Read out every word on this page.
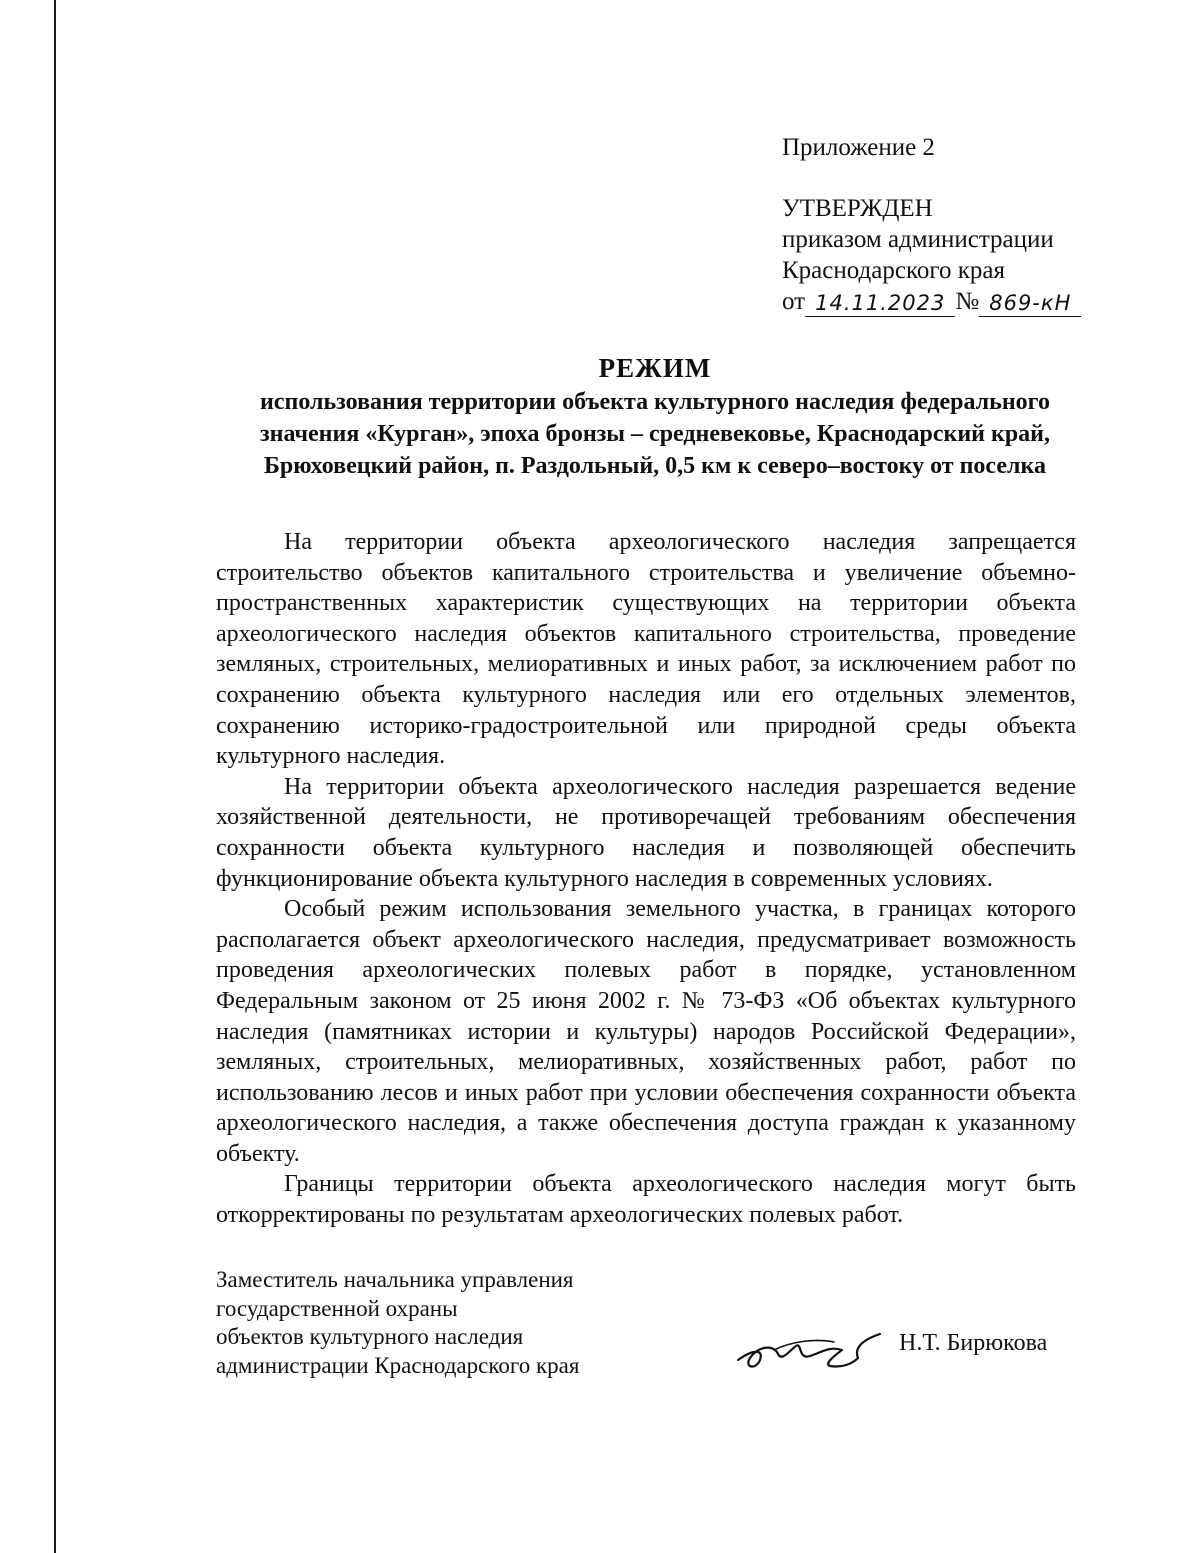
Приложение 2
УТВЕРЖДЕН
приказом администрации
Краснодарского края
от 14.11.2023 № 869-кН
РЕЖИМ
использования территории объекта культурного наследия федерального значения «Курган», эпоха бронзы – средневековье, Краснодарский край, Брюховецкий район, п. Раздольный, 0,5 км к северо–востоку от поселка

На территории объекта археологического наследия запрещается строительство объектов капитального строительства и увеличение объемно-пространственных характеристик существующих на территории объекта археологического наследия объектов капитального строительства, проведение земляных, строительных, мелиоративных и иных работ, за исключением работ по сохранению объекта культурного наследия или его отдельных элементов, сохранению историко-градостроительной или природной среды объекта культурного наследия.

На территории объекта археологического наследия разрешается ведение хозяйственной деятельности, не противоречащей требованиям обеспечения сохранности объекта культурного наследия и позволяющей обеспечить функционирование объекта культурного наследия в современных условиях.

Особый режим использования земельного участка, в границах которого располагается объект археологического наследия, предусматривает возможность проведения археологических полевых работ в порядке, установленном Федеральным законом от 25 июня 2002 г. № 73-ФЗ «Об объектах культурного наследия (памятниках истории и культуры) народов Российской Федерации», земляных, строительных, мелиоративных, хозяйственных работ, работ по использованию лесов и иных работ при условии обеспечения сохранности объекта археологического наследия, а также обеспечения доступа граждан к указанному объекту.

Границы территории объекта археологического наследия могут быть откорректированы по результатам археологических полевых работ.

Заместитель начальника управления
государственной охраны
объектов культурного наследия
администрации Краснодарского края
Н.Т. Бирюкова
